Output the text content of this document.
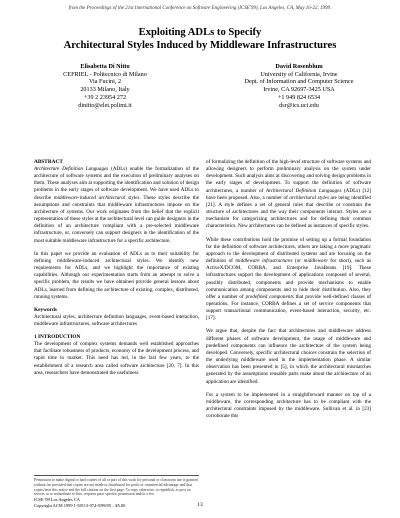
from the Proceedings of the 21st International Conference on Software Engineering (ICSE'99), Los Angeles, CA, May 16-22, 1999.
Exploiting ADLs to Specify
Architectural Styles Induced by Middleware Infrastructures
Elisabetta Di Nitto
CEFRIEL - Politecnico di Milano
Via Fucini, 2
20133 Milano, Italy
+39 2 23954 272
dinitto@elet.polimi.it
David Rosenblum
University of California, Irvine
Dept. of Information and Computer Science
Irvine, CA 92697-3425 USA
+1 949 824 6534
dsr@ics.uci.edu
ABSTRACT

Architecture Definition Languages (ADLs) enable the formalization of the architecture of software systems and the execution of preliminary analyses on them. These analyses aim at supporting the identification and solution of design problems in the early stages of software development. We have used ADLs to describe middleware-induced architectural styles. These styles describe the assumptions and constraints that middleware infrastructures impose on the architecture of systems. Our work originates from the belief that the explicit representation of these styles at the architectural level can guide designers in the definition of an architecture compliant with a pre-selected middleware infrastructure, or, conversely can support designers in the identification of the most suitable middleware infrastructure for a specific architecture.

In this paper we provide an evaluation of ADLs as to their suitability for defining middleware-induced architectural styles. We identify new requirements for ADLs, and we highlight the importance of existing capabilities. Although our experimentation starts from an attempt to solve a specific problem, the results we have obtained provide general lessons about ADLs, learned from defining the architecture of existing, complex, distributed, running systems.

Keywords

Architectural styles, architecture definition languages, event-based interaction, middleware infrastructures, software architectures

1 INTRODUCTION

The development of complex systems demands well established approaches that facilitate robustness of products, economy of the development process, and rapid time to market. This need has led, in the last few years, to the establishment of a research area called software architecture [20, 7]. In this area, researchers have demonstrated the usefulness

Permission to make digital or hard copies of all or part of this work for personal or classroom use is granted without fee provided that copies are not made or distributed for profit or commercial advantage and that copies bear this notice and the full citation on the first page. To copy otherwise, to republish, to post on servers or to redistribute to lists, requires prior specific permission and/or a fee.
ICSE '99 Los Angeles CA
Copyright ACM 1999 1-58113-074-0/99/05 ...$5.00

of formalizing the definition of the high-level structure of software systems and allowing designers to perform preliminary analysis on the system under development. Such analysis aims at discovering and solving design problems in the early stages of development. To support the definition of software architectures, a number of Architectural Definition Languages (ADLs) [12] have been proposed. Also, a number of architectural styles are being identified [21]. A style defines a set of general rules that describe or constrain the structure of architectures and the way their components interact. Styles are a mechanism for categorizing architectures and for defining their common characteristics. New architectures can be defined as instances of specific styles.

While these contributions hold the promise of setting up a formal foundation for the definition of software architectures, others are taking a more pragmatic approach to the development of distributed systems and are focusing on the definition of middleware infrastructures (or middleware for short), such as ActiveX/DCOM, CORBA, and Enterprise JavaBeans [19]. These infrastructures support the development of applications composed of several, possibly distributed, components and provide mechanisms to enable communication among components and to hide their distribution. Also, they offer a number of predefined components that provide well-defined classes of operations. For instance, CORBA defines a set of service components that support transactional communication, event-based interaction, security, etc. [17].

We argue that, despite the fact that architectures and middleware address different phases of software development, the usage of middleware and predefined components can influence the architecture of the system being developed. Conversely, specific architectural choices constrain the selection of the underlying middleware used in the implementation phase. A similar observation has been presented in [5], in which the architectural mismatches generated by the assumptions reusable parts make about the architecture of an application are identified.

For a system to be implemented in a straightforward manner on top of a middleware, the corresponding architecture has to be compliant with the architectural constraints imposed by the middleware. Sullivan et al. in [23] corroborate this

13
